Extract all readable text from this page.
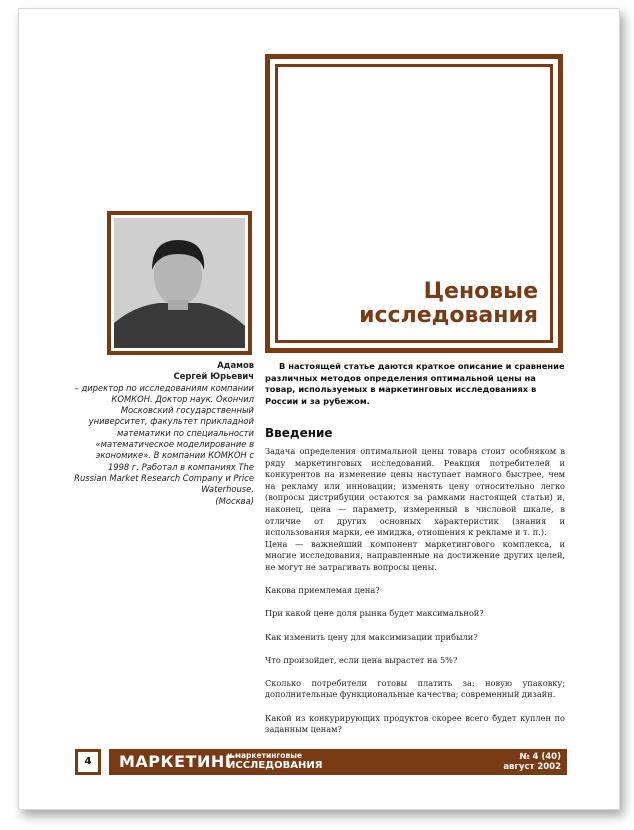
Ценовые
исследования
Адамов
Сергей Юрьевич
– директор по исследованиям компании КОМКОН. Доктор наук. Окончил Московский государственный университет, факультет прикладной математики по специальности «математическое моделирование в экономике». В компании КОМКОН с 1998 г. Работал в компаниях The Russian Market Research Company и Price Waterhouse.
(Москва)
В настоящей статье даются краткое описание и сравнение различных методов определения оптимальной цены на товар, используемых в маркетинговых исследованиях в России и за рубежом.
Введение

Задача определения оптимальной цены товара стоит особняком в ряду маркетинговых исследований. Реакция потребителей и конкурентов на изменение цены наступает намного быстрее, чем на рекламу или инновации; изменять цену относительно легко (вопросы дистрибуции остаются за рамками настоящей статьи) и, наконец, цена — параметр, измеренный в числовой шкале, в отличие от других основных характеристик (знания и использования марки, ее имиджа, отношения к рекламе и т. п.).

Цена — важнейший компонент маркетингового комплекса, и многие исследования, направленные на достижение других целей, не могут не затрагивать вопросы цены.

Какова приемлемая цена?

При какой цене доля рынка будет максимальной?

Как изменить цену для максимизации прибыли?

Что произойдет, если цена вырастет на 5%?

Сколько потребители готовы платить за: новую упаковку; дополнительные функциональные качества; современный дизайн.

Какой из конкурирующих продуктов скорее всего будет куплен по заданным ценам?

4	МАРКЕТИНГ
и маркетинговые
ИССЛЕДОВАНИЯ
№ 4 (40)
август 2002
